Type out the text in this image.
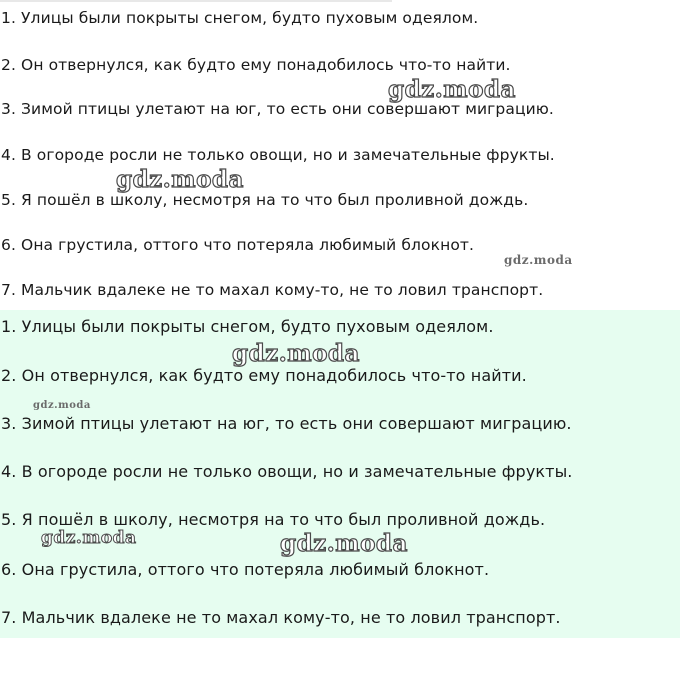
1. Улицы были покрыты снегом, будто пуховым одеялом.
2. Он отвернулся, как будто ему понадобилось что-то найти.
3. Зимой птицы улетают на юг, то есть они совершают миграцию.
4. В огороде росли не только овощи, но и замечательные фрукты.
5. Я пошёл в школу, несмотря на то что был проливной дождь.
6. Она грустила, оттого что потеряла любимый блокнот.
7. Мальчик вдалеке не то махал кому-то, не то ловил транспорт.
1. Улицы были покрыты снегом, будто пуховым одеялом.
2. Он отвернулся, как будто ему понадобилось что-то найти.
3. Зимой птицы улетают на юг, то есть они совершают миграцию.
4. В огороде росли не только овощи, но и замечательные фрукты.
5. Я пошёл в школу, несмотря на то что был проливной дождь.
6. Она грустила, оттого что потеряла любимый блокнот.
7. Мальчик вдалеке не то махал кому-то, не то ловил транспорт.
gdz.moda
gdz.moda
gdz.moda
gdz.moda
gdz.moda
gdz.moda	gdz.moda
